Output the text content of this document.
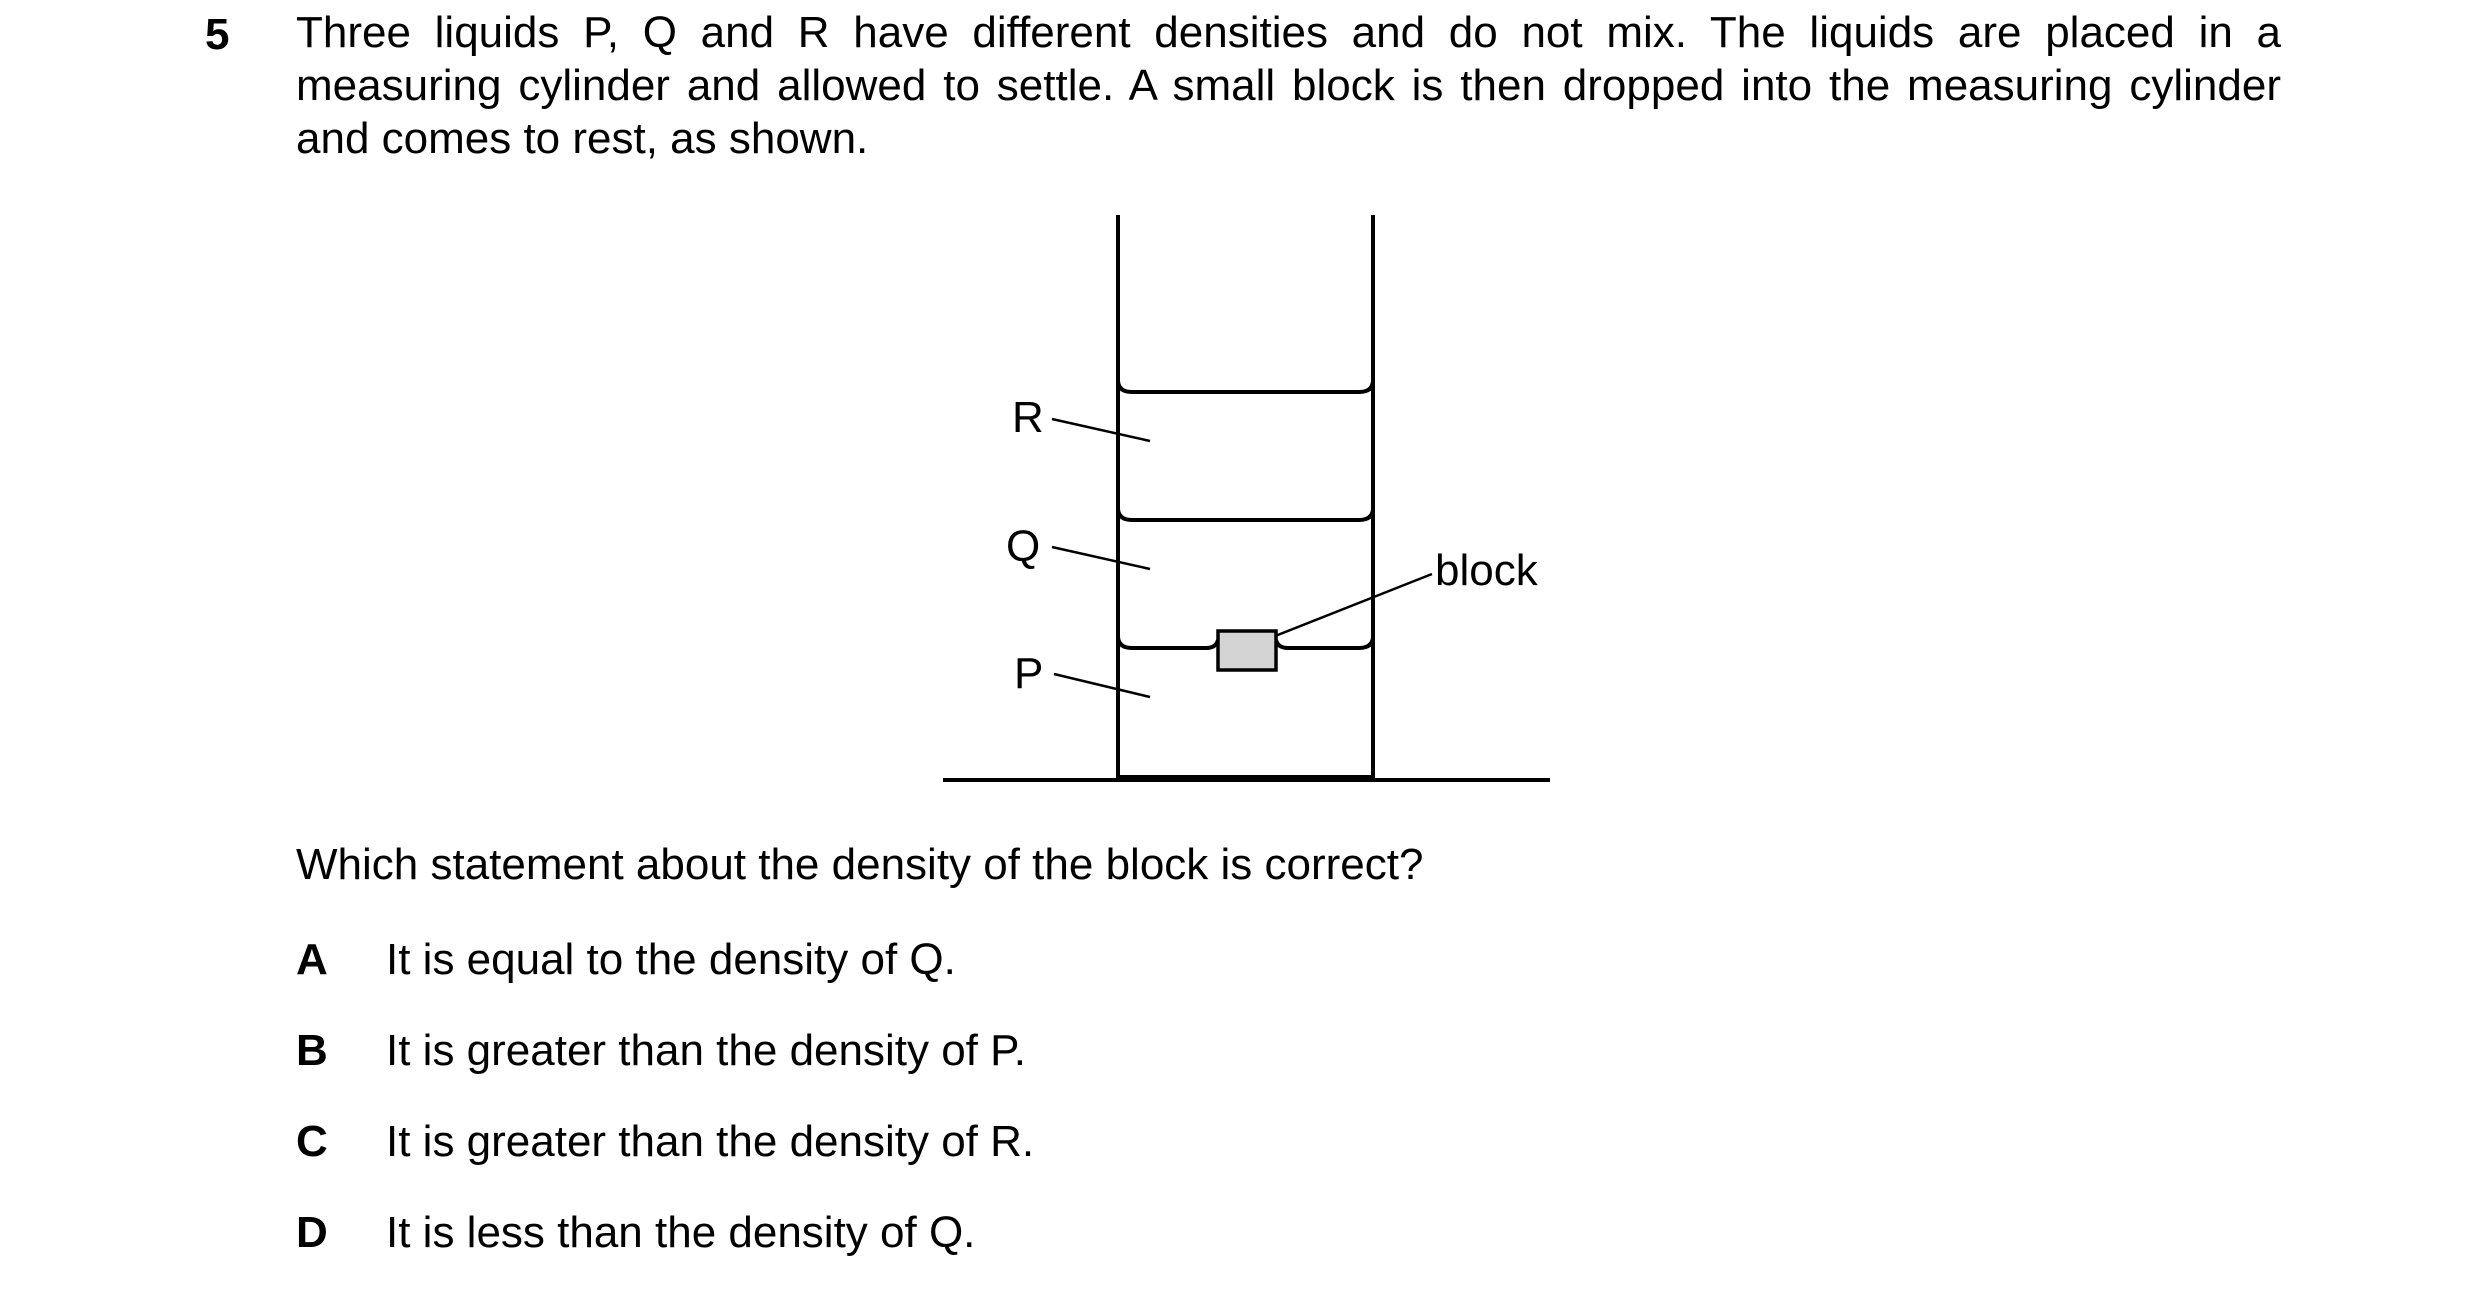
5 Three liquids P, Q and R have different densities and do not mix. The liquids are placed in a measuring cylinder and allowed to settle. A small block is then dropped into the measuring cylinder and comes to rest, as shown.
R
Q
P
block
Which statement about the density of the block is correct?
A It is equal to the density of Q.
B It is greater than the density of P.
C It is greater than the density of R.
D It is less than the density of Q.
